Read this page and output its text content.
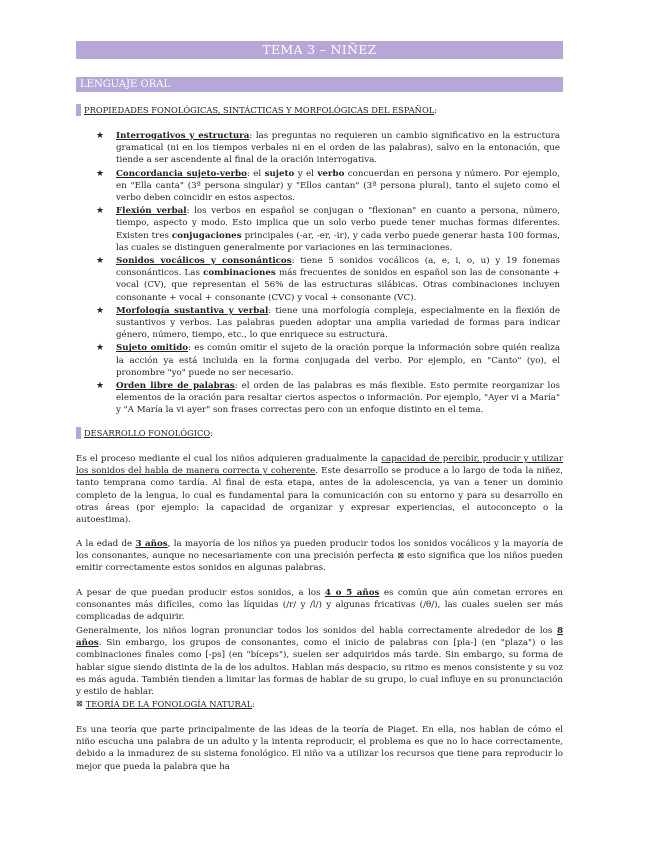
TEMA 3 – NIÑEZ
LENGUAJE ORAL
PROPIEDADES FONOLÓGICAS, SINTÁCTICAS Y MORFOLÓGICAS DEL ESPAÑOL :
★ Interrogativos y estructura: las preguntas no requieren un cambio significativo en la estructura gramatical (ni en los tiempos verbales ni en el orden de las palabras), salvo en la entonación, que tiende a ser ascendente al final de la oración interrogativa.
★ Concordancia sujeto-verbo: el sujeto y el verbo concuerdan en persona y número. Por ejemplo, en "Ella canta" (3ª persona singular) y "Ellos cantan" (3ª persona plural), tanto el sujeto como el verbo deben coincidir en estos aspectos.
★ Flexión verbal: los verbos en español se conjugan o "flexionan" en cuanto a persona, número, tiempo, aspecto y modo. Esto implica que un solo verbo puede tener muchas formas diferentes. Existen tres conjugaciones principales (-ar, -er, -ir), y cada verbo puede generar hasta 100 formas, las cuales se distinguen generalmente por variaciones en las terminaciones.
★ Sonidos vocálicos y consonánticos: tiene 5 sonidos vocálicos (a, e, i, o, u) y 19 fonemas consonánticos. Las combinaciones más frecuentes de sonidos en español son las de consonante + vocal (CV), que representan el 56% de las estructuras silábicas. Otras combinaciones incluyen consonante + vocal + consonante (CVC) y vocal + consonante (VC).
★ Morfología sustantiva y verbal: tiene una morfología compleja, especialmente en la flexión de sustantivos y verbos. Las palabras pueden adoptar una amplia variedad de formas para indicar género, número, tiempo, etc., lo que enriquece su estructura.
★ Sujeto omitido: es común omitir el sujeto de la oración porque la información sobre quién realiza la acción ya está incluida en la forma conjugada del verbo. Por ejemplo, en "Canto" (yo), el pronombre "yo" puede no ser necesario.
★ Orden libre de palabras: el orden de las palabras es más flexible. Esto permite reorganizar los elementos de la oración para resaltar ciertos aspectos o información. Por ejemplo, "Ayer vi a María" y "A María la vi ayer" son frases correctas pero con un enfoque distinto en el tema.
DESARROLLO FONOLÓGICO :

Es el proceso mediante el cual los niños adquieren gradualmente la capacidad de percibir, producir y utilizar los sonidos del habla de manera correcta y coherente. Este desarrollo se produce a lo largo de toda la niñez, tanto temprana como tardía. Al final de esta etapa, antes de la adolescencia, ya van a tener un dominio completo de la lengua, lo cual es fundamental para la comunicación con su entorno y para su desarrollo en otras áreas (por ejemplo: la capacidad de organizar y expresar experiencias, el autoconcepto o la autoestima).

A la edad de 3 años, la mayoría de los niños ya pueden producir todos los sonidos vocálicos y la mayoría de los consonantes, aunque no necesariamente con una precisión perfecta ⊠ esto significa que los niños pueden emitir correctamente estos sonidos en algunas palabras.

A pesar de que puedan producir estos sonidos, a los 4 o 5 años es común que aún cometan errores en consonantes más difíciles, como las líquidas (/r/ y /l/) y algunas fricativas (/θ/), las cuales suelen ser más complicadas de adquirir.

Generalmente, los niños logran pronunciar todos los sonidos del habla correctamente alrededor de los 8 años. Sin embargo, los grupos de consonantes, como el inicio de palabras con [pla-] (en "plaza") o las combinaciones finales como [-ps] (en "bíceps"), suelen ser adquiridos más tarde. Sin embargo, su forma de hablar sigue siendo distinta de la de los adultos. Hablan más despacio, su ritmo es menos consistente y su voz es más aguda. También tienden a limitar las formas de hablar de su grupo, lo cual influye en su pronunciación y estilo de hablar.

⊠ TEORÍA DE LA FONOLOGÍA NATURAL :

Es una teoría que parte principalmente de las ideas de la teoría de Piaget. En ella, nos hablan de cómo el niño escucha una palabra de un adulto y la intenta reproducir, el problema es que no lo hace correctamente, debido a la inmadurez de su sistema fonológico. El niño va a utilizar los recursos que tiene para reproducir lo mejor que pueda la palabra que ha
